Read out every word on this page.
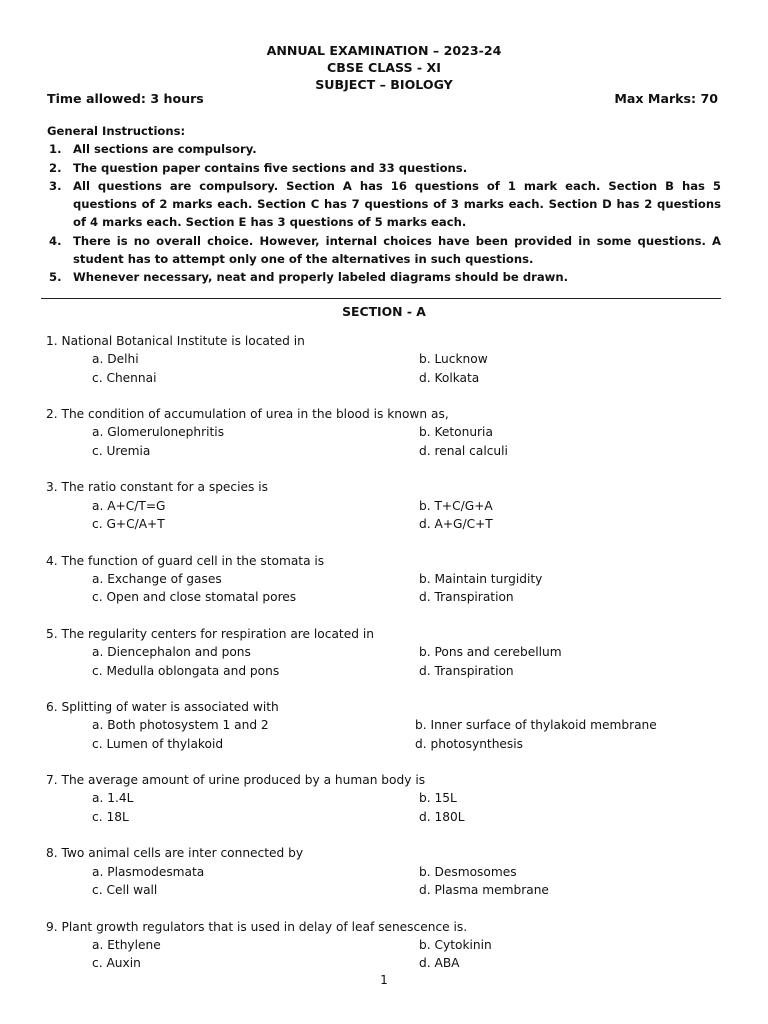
ANNUAL EXAMINATION – 2023-24
CBSE CLASS - XI
SUBJECT – BIOLOGY
Time allowed: 3 hours	Max Marks: 70
General Instructions:
1. All sections are compulsory.
2. The question paper contains five sections and 33 questions.
3. All questions are compulsory. Section A has 16 questions of 1 mark each. Section B has 5 questions of 2 marks each. Section C has 7 questions of 3 marks each. Section D has 2 questions of 4 marks each. Section E has 3 questions of 5 marks each.
4. There is no overall choice. However, internal choices have been provided in some questions. A student has to attempt only one of the alternatives in such questions.
5. Whenever necessary, neat and properly labeled diagrams should be drawn.
SECTION - A
1. National Botanical Institute is located in
a. Delhi	b. Lucknow
c. Chennai	d. Kolkata
2. The condition of accumulation of urea in the blood is known as,
a. Glomerulonephritis	b. Ketonuria
c. Uremia	d. renal calculi
3. The ratio constant for a species is
a. A+C/T=G	b. T+C/G+A
c. G+C/A+T	d. A+G/C+T
4. The function of guard cell in the stomata is
a. Exchange of gases	b. Maintain turgidity
c. Open and close stomatal pores	d. Transpiration
5. The regularity centers for respiration are located in
a. Diencephalon and pons	b. Pons and cerebellum
c. Medulla oblongata and pons	d. Transpiration
6. Splitting of water is associated with
a. Both photosystem 1 and 2	b. Inner surface of thylakoid membrane
c. Lumen of thylakoid	d. photosynthesis
7. The average amount of urine produced by a human body is
a. 1.4L	b. 15L
c. 18L	d. 180L
8. Two animal cells are inter connected by
a. Plasmodesmata	b. Desmosomes
c. Cell wall	d. Plasma membrane
9. Plant growth regulators that is used in delay of leaf senescence is.
a. Ethylene	b. Cytokinin
c. Auxin	d. ABA
1
